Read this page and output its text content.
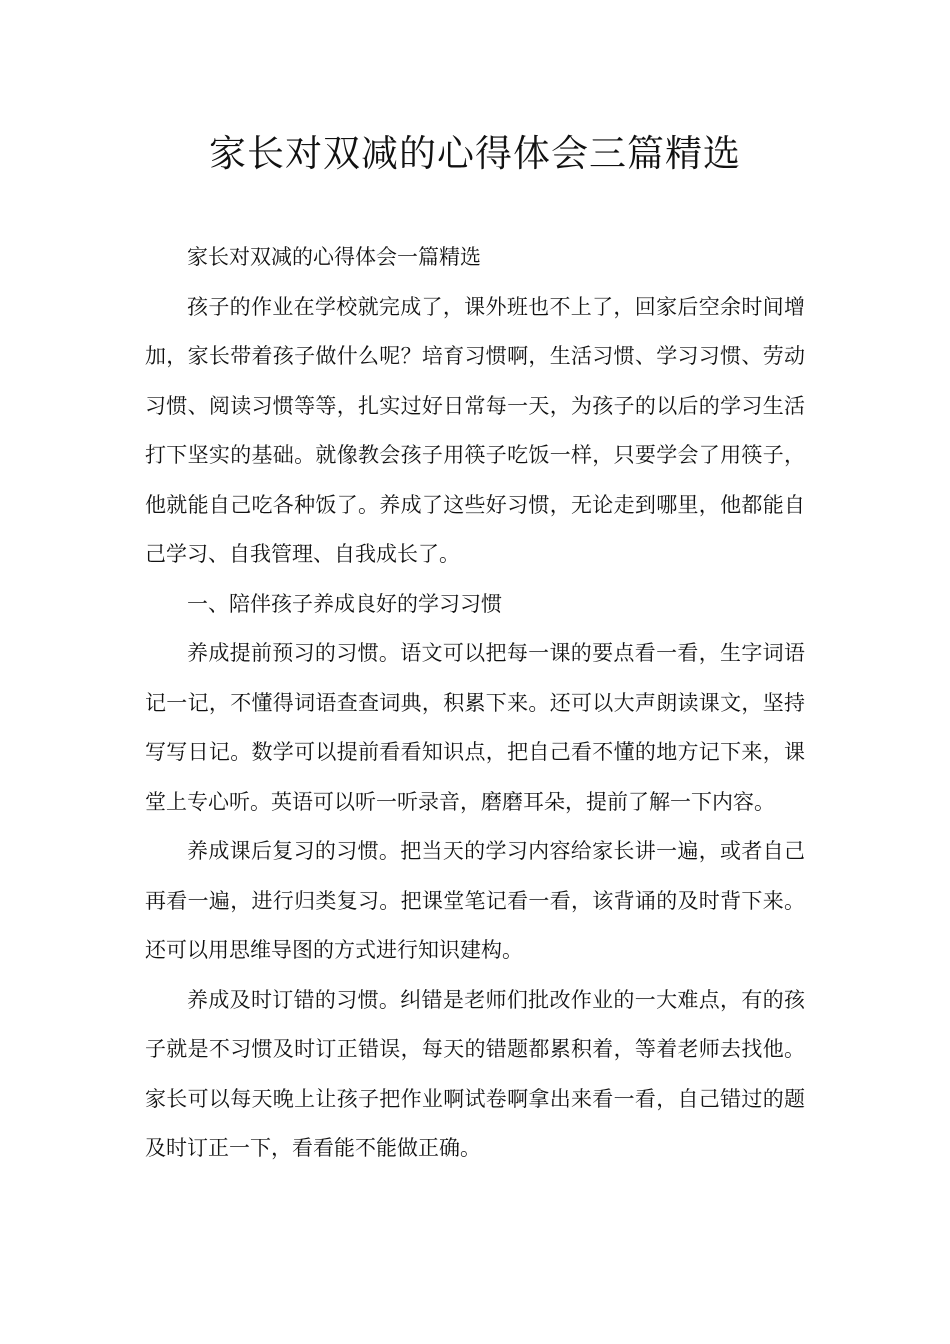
家长对双减的心得体会三篇精选

家长对双减的心得体会一篇精选

孩子的作业在学校就完成了，课外班也不上了，回家后空余时间增加，家长带着孩子做什么呢？培育习惯啊，生活习惯、学习习惯、劳动习惯、阅读习惯等等，扎实过好日常每一天，为孩子的以后的学习生活打下坚实的基础。就像教会孩子用筷子吃饭一样，只要学会了用筷子，他就能自己吃各种饭了。养成了这些好习惯，无论走到哪里，他都能自己学习、自我管理、自我成长了。

一、陪伴孩子养成良好的学习习惯

养成提前预习的习惯。语文可以把每一课的要点看一看，生字词语记一记，不懂得词语查查词典，积累下来。还可以大声朗读课文，坚持写写日记。数学可以提前看看知识点，把自己看不懂的地方记下来，课堂上专心听。英语可以听一听录音，磨磨耳朵，提前了解一下内容。

养成课后复习的习惯。把当天的学习内容给家长讲一遍，或者自己再看一遍，进行归类复习。把课堂笔记看一看，该背诵的及时背下来。还可以用思维导图的方式进行知识建构。

养成及时订错的习惯。纠错是老师们批改作业的一大难点，有的孩子就是不习惯及时订正错误，每天的错题都累积着，等着老师去找他。家长可以每天晚上让孩子把作业啊试卷啊拿出来看一看，自己错过的题及时订正一下，看看能不能做正确。
